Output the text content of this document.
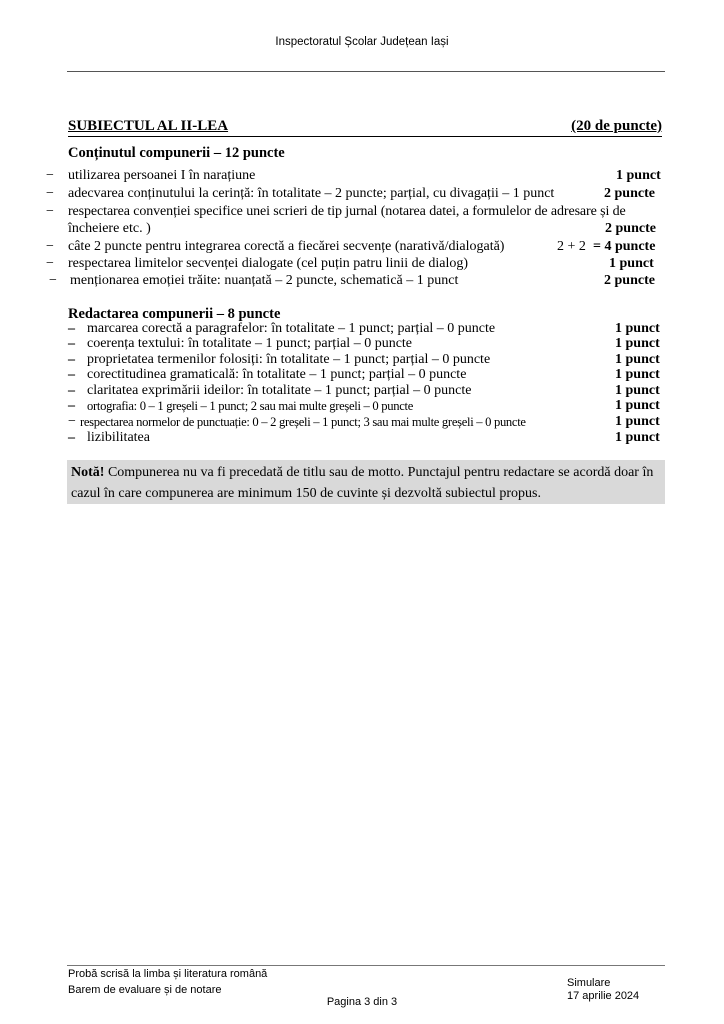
Inspectoratul Școlar Județean Iași
SUBIECTUL AL II-LEA	(20 de puncte)
Conținutul compunerii – 12 puncte
− utilizarea persoanei I în narațiune	1 punct
− adecvarea conținutului la cerință: în totalitate – 2 puncte; parțial, cu divagații – 1 punct	2 puncte
− respectarea convenției specifice unei scrieri de tip jurnal (notarea datei, a formulelor de adresare și de
încheiere etc. )	2 puncte
− câte 2 puncte pentru integrarea corectă a fiecărei secvențe (narativă/dialogată)	2 + 2 = 4 puncte
− respectarea limitelor secvenței dialogate (cel puțin patru linii de dialog)	1 punct
− menționarea emoției trăite: nuanțată – 2 puncte, schematică – 1 punct	2 puncte
Redactarea compunerii – 8 puncte
– marcarea corectă a paragrafelor: în totalitate – 1 punct; parțial – 0 puncte	1 punct
– coerența textului: în totalitate – 1 punct; parțial – 0 puncte	1 punct
– proprietatea termenilor folosiți: în totalitate – 1 punct; parțial – 0 puncte	1 punct
– corectitudinea gramaticală: în totalitate – 1 punct; parțial – 0 puncte	1 punct
– claritatea exprimării ideilor: în totalitate – 1 punct; parțial – 0 puncte	1 punct
– ortografia: 0 – 1 greșeli – 1 punct; 2 sau mai multe greșeli – 0 puncte	1 punct
− respectarea normelor de punctuație: 0 – 2 greșeli – 1 punct; 3 sau mai multe greșeli – 0 puncte	1 punct
– lizibilitatea	1 punct
Notă! Compunerea nu va fi precedată de titlu sau de motto. Punctajul pentru redactare se acordă doar în cazul în care compunerea are minimum 150 de cuvinte și dezvoltă subiectul propus.
Probă scrisă la limba și literatura română
Barem de evaluare și de notare
Pagina 3 din 3
Simulare
17 aprilie 2024
